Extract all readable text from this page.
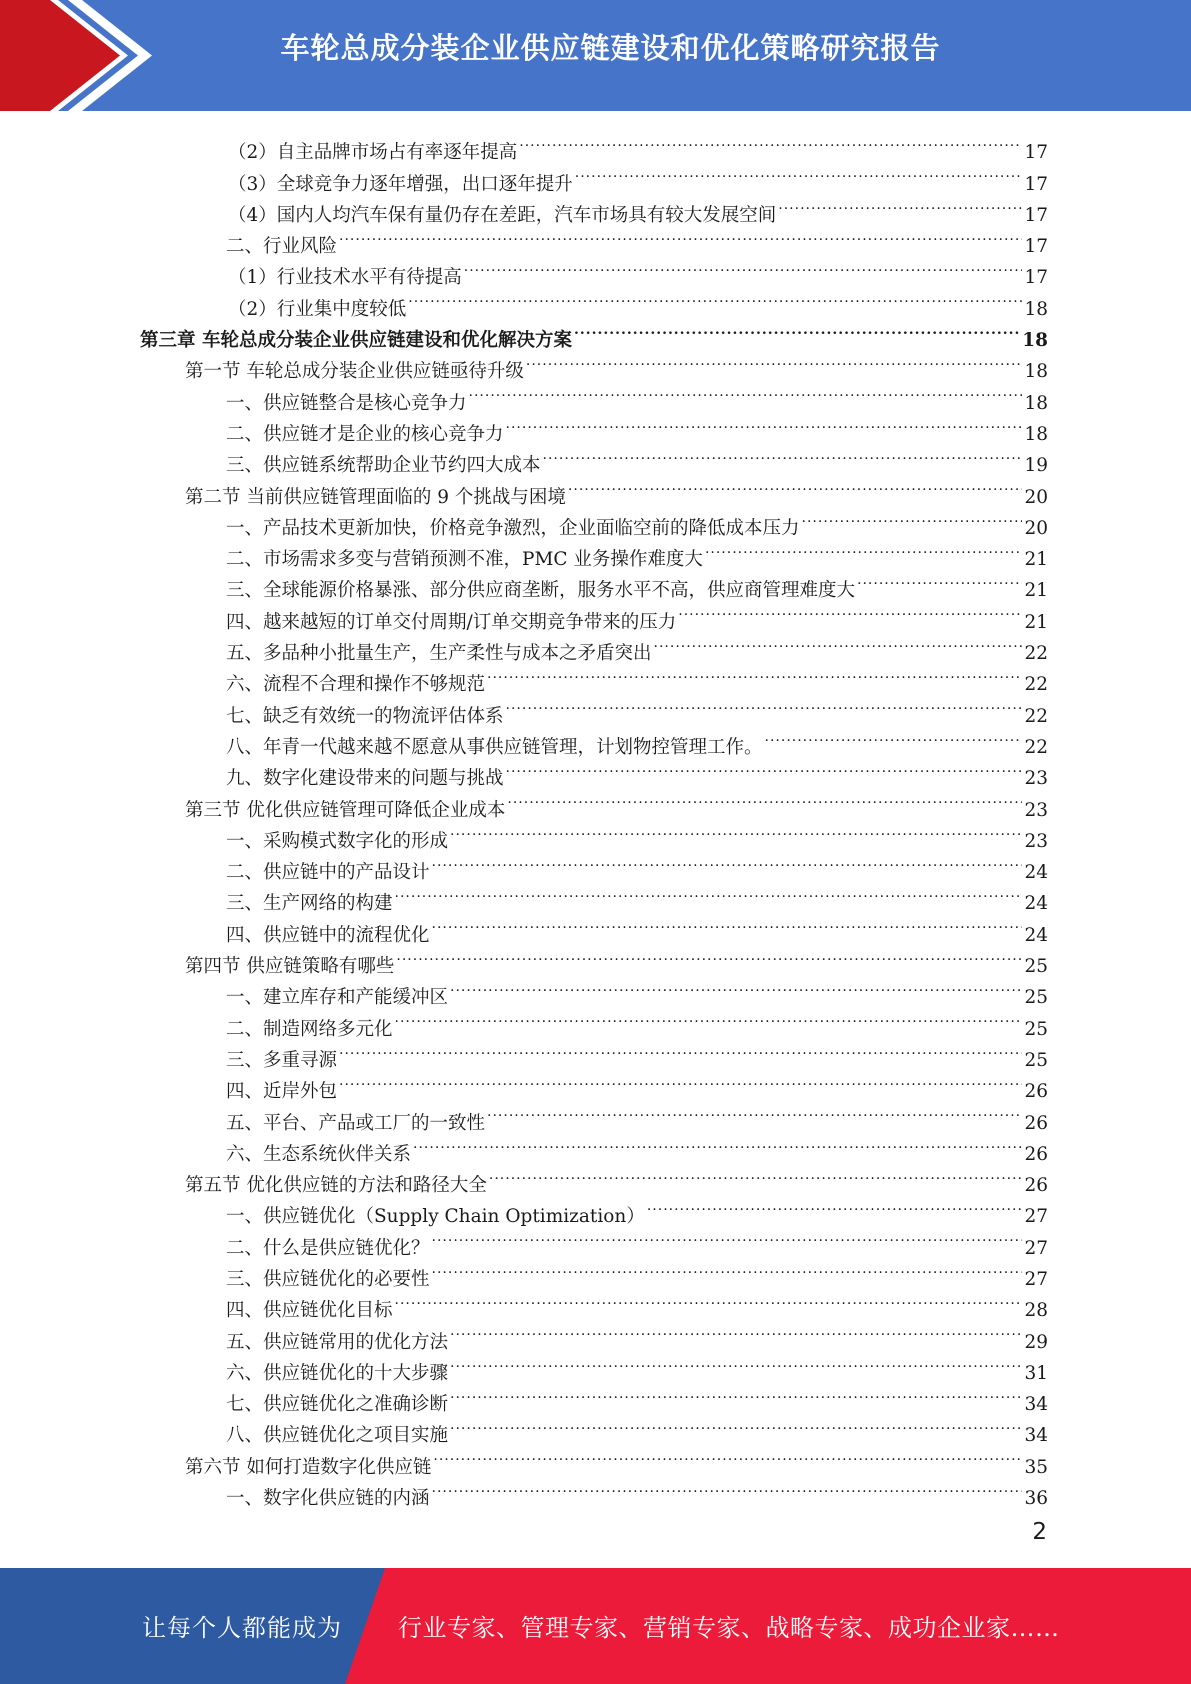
车轮总成分装企业供应链建设和优化策略研究报告
（2）自主品牌市场占有率逐年提高 .....	17
（3）全球竞争力逐年增强，出口逐年提升 .....	17
（4）国内人均汽车保有量仍存在差距，汽车市场具有较大发展空间 .....	17
二、行业风险 .....	17
（1）行业技术水平有待提高 .....	17
（2）行业集中度较低 .....	18
第三章 车轮总成分装企业供应链建设和优化解决方案 .....	18
第一节 车轮总成分装企业供应链亟待升级 .....	18
一、供应链整合是核心竞争力 .....	18
二、供应链才是企业的核心竞争力 .....	18
三、供应链系统帮助企业节约四大成本 .....	19
第二节 当前供应链管理面临的 9 个挑战与困境 .....	20
一、产品技术更新加快，价格竞争激烈，企业面临空前的降低成本压力 .....	20
二、市场需求多变与营销预测不准，PMC 业务操作难度大 .....	21
三、全球能源价格暴涨、部分供应商垄断，服务水平不高，供应商管理难度大 .....	21
四、越来越短的订单交付周期/订单交期竞争带来的压力 .....	21
五、多品种小批量生产，生产柔性与成本之矛盾突出 .....	22
六、流程不合理和操作不够规范 .....	22
七、缺乏有效统一的物流评估体系 .....	22
八、年青一代越来越不愿意从事供应链管理，计划物控管理工作。 .....	22
九、数字化建设带来的问题与挑战 .....	23
第三节 优化供应链管理可降低企业成本 .....	23
一、采购模式数字化的形成 .....	23
二、供应链中的产品设计 .....	24
三、生产网络的构建 .....	24
四、供应链中的流程优化 .....	24
第四节 供应链策略有哪些 .....	25
一、建立库存和产能缓冲区 .....	25
二、制造网络多元化 .....	25
三、多重寻源 .....	25
四、近岸外包 .....	26
五、平台、产品或工厂的一致性 .....	26
六、生态系统伙伴关系 .....	26
第五节 优化供应链的方法和路径大全 .....	26
一、供应链优化（Supply Chain Optimization） .....	27
二、什么是供应链优化？ .....	27
三、供应链优化的必要性 .....	27
四、供应链优化目标 .....	28
五、供应链常用的优化方法 .....	29
六、供应链优化的十大步骤 .....	31
七、供应链优化之准确诊断 .....	34
八、供应链优化之项目实施 .....	34
第六节 如何打造数字化供应链 .....	35
一、数字化供应链的内涵 .....	36
2
让每个人都能成为 行业专家、管理专家、营销专家、战略专家、成功企业家……
